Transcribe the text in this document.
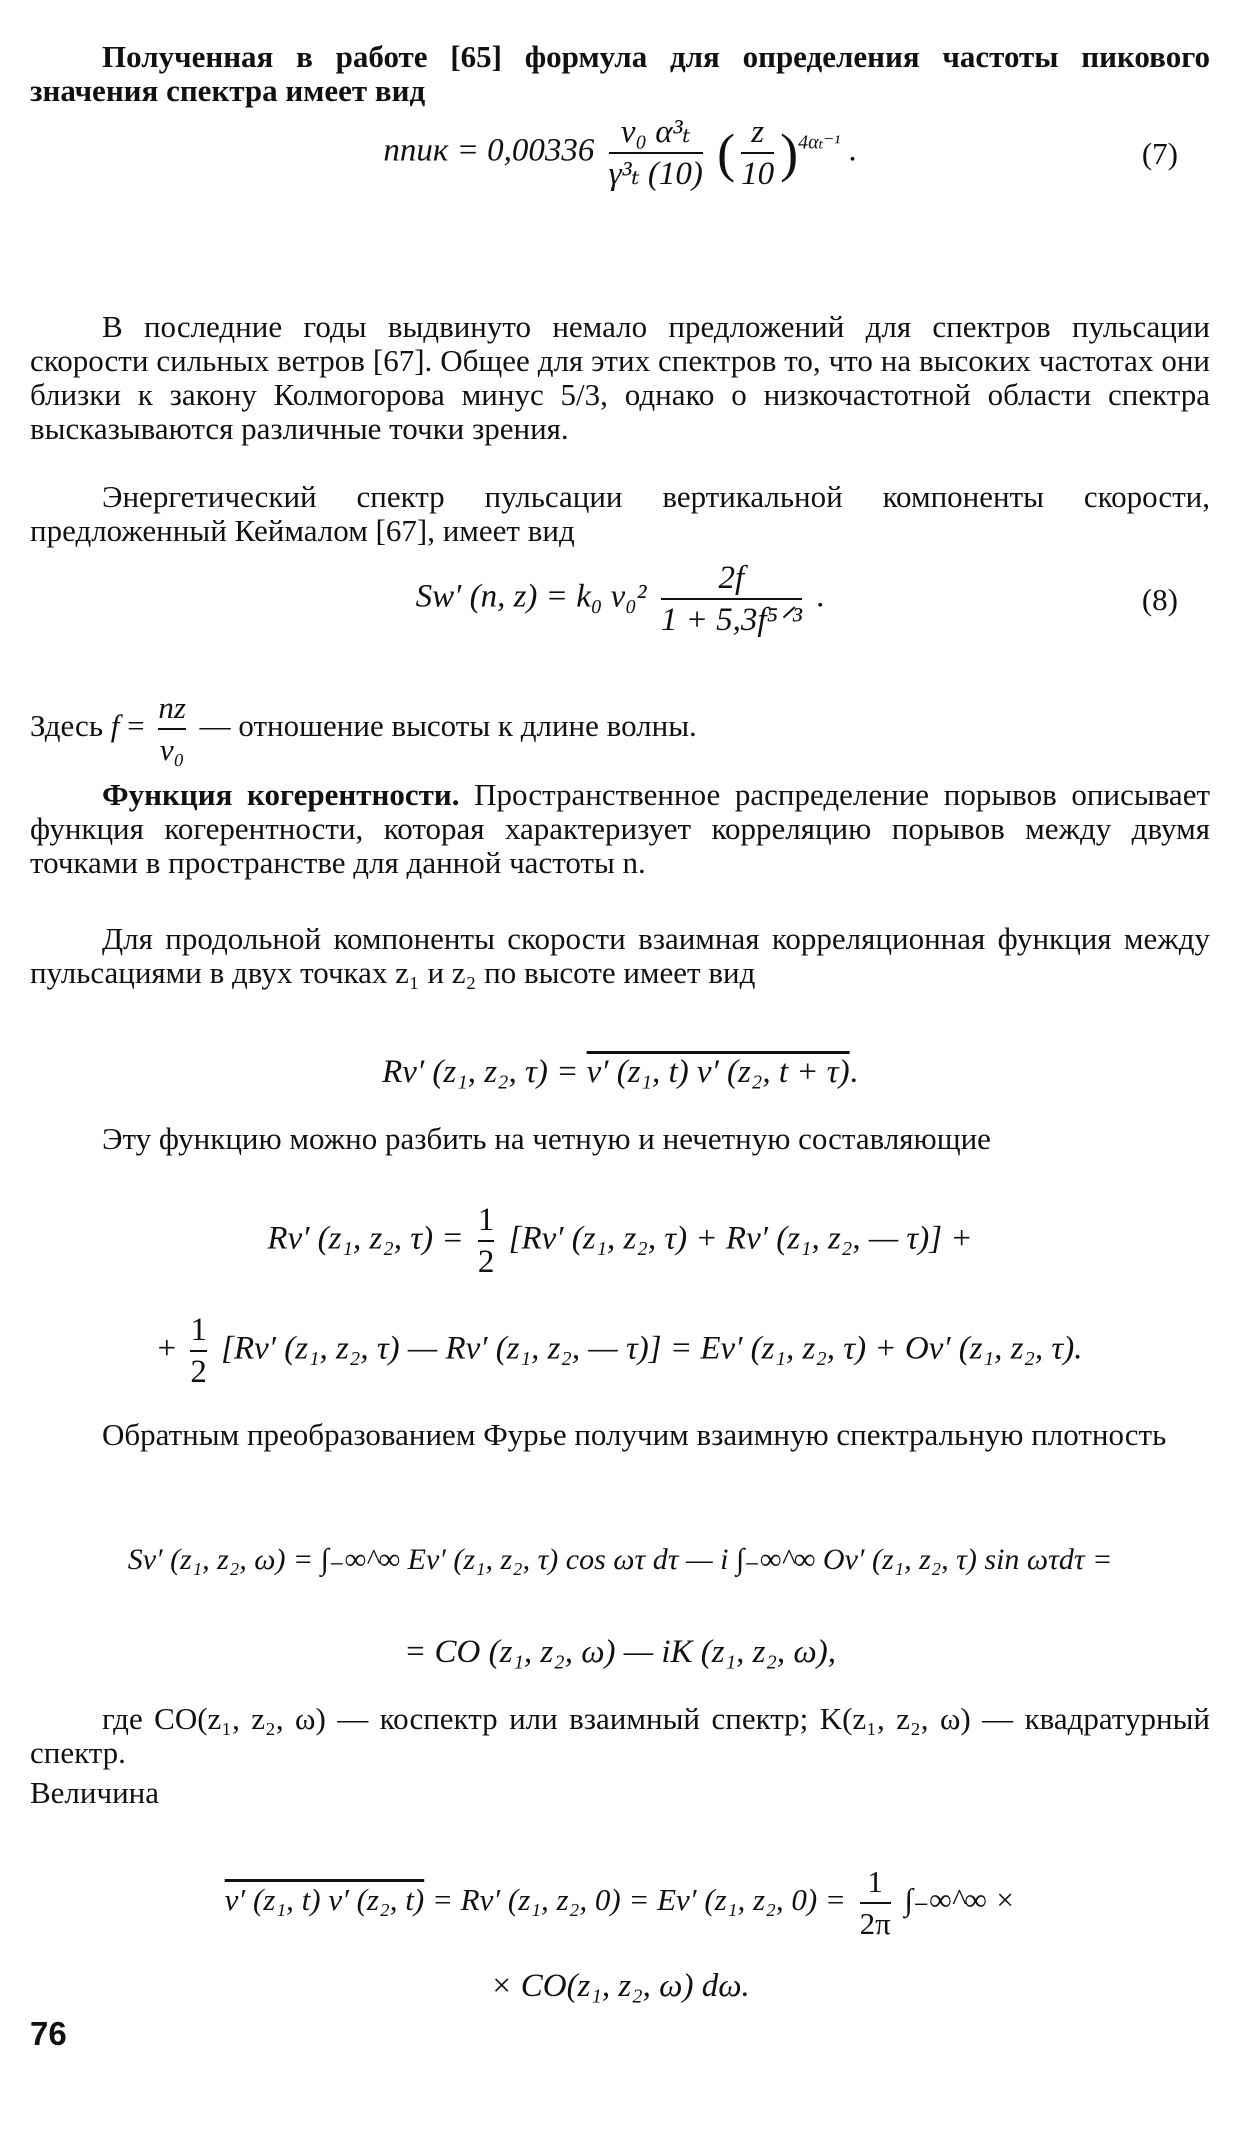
Полученная в работе [65] формула для определения частоты пикового значения спектра имеет вид

nпик = $0,00336 \frac{\text{v₀ α³ₜ}}{\text{γ³ₜ (10)}}$ ( $\frac{z}{10} )^{4\alpha_t^{-1}}$ .	(7)

В последние годы выдвинуто немало предложений для спектров пульсации скорости сильных ветров [67]. Общее для этих спектров то, что на высоких частотах они близки к закону Колмогорова минус 5/3, однако о низкочастотной области спектра высказываются различные точки зрения.

Энергетический спектр пульсации вертикальной компоненты скорости, предложенный Кеймалом [67], имеет вид

Sw′ (n, z) = k₀ $v_0^2 \frac{2f}{\text{1 + 5,3f⁵ᐟ³}}$ .	(8)
Здесь $f = \frac{nz}{\text{v₀}}$ — отношение высоты к длине волны.

Функция когерентности. Пространственное распределение порывов описывает функция когерентности, которая характеризует корреляцию порывов между двумя точками в пространстве для данной частоты n.

Для продольной компоненты скорости взаимная корреляционная функция между пульсациями в двух точках z₁ и z₂ по высоте имеет вид

Rv′ (z₁, z₂, τ) = v′ (z₁, t) v′ (z₂, t + τ).

Эту функцию можно разбить на четную и нечетную составляющие

Rv′ (z₁, z₂, $\tau) = \frac{1}{2} [Rv'$ (z₁, z₂, τ) + Rv′ (z₁, z₂, — τ)] +
+ $\frac{1}{2} [Rv'$ (z₁, z₂, τ) — Rv′ (z₁, z₂, — τ)] = Ev′ (z₁, z₂, τ) + Ov′ (z₁, z₂, τ).

Обратным преобразованием Фурье получим взаимную спектральную плотность

Sv′ (z₁, z₂, ω) = ∫₋∞^∞ Ev′ (z₁, z₂, τ) cos ωτ dτ — i ∫₋∞^∞ Ov′ (z₁, z₂, τ) sin ωτdτ =
= CO (z₁, z₂, ω) — iK (z₁, z₂, ω),

где CO(z₁, z₂, ω) — коспектр или взаимный спектр; K(z₁, z₂, ω) — квадратурный спектр.

Величина

v′ (z₁, t) v′ (z₂, t) = Rv′ (z₁, z₂, 0) = Ev′ (z₁, z₂, $0) = \frac{1}{2\pi}$ ∫₋∞^∞ ×
× CO(z₁, z₂, ω) dω.
76
